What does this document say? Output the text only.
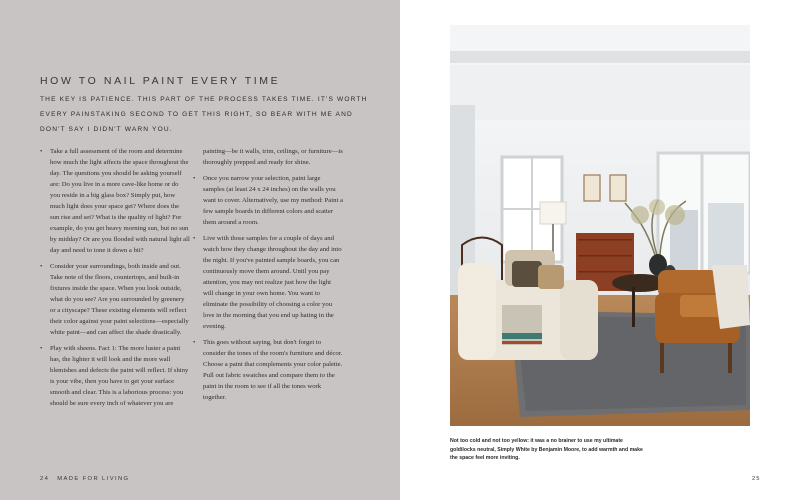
HOW TO NAIL PAINT EVERY TIME
THE KEY IS PATIENCE. THIS PART OF THE PROCESS TAKES TIME. IT'S WORTH EVERY PAINSTAKING SECOND TO GET THIS RIGHT, SO BEAR WITH ME AND DON'T SAY I DIDN'T WARN YOU.
• Take a full assessment of the room and determine how much the light affects the space throughout the day. The questions you should be asking yourself are: Do you live in a more cave-like home or do you reside in a big glass box? Simply put, how much light does your space get? Where does the sun rise and set? What is the quality of light? For example, do you get heavy morning sun, but no sun by midday? Or are you flooded with natural light all day and need to tone it down a bit?
• Consider your surroundings, both inside and out. Take note of the floors, countertops, and built-in fixtures inside the space. When you look outside, what do you see? Are you surrounded by greenery or a cityscape? These existing elements will reflect their color against your paint selections—especially white paint—and can affect the shade drastically.
• Play with sheens. Fact 1: The more luster a paint has, the lighter it will look and the more wall blemishes and defects the paint will reflect. If shiny is your vibe, then you have to get your surface smooth and clear. This is a laborious process: you should be sure every inch of whatever you are

painting—be it walls, trim, ceilings, or furniture—is thoroughly prepped and ready for shine.

• Once you narrow your selection, paint large samples (at least 24 x 24 inches) on the walls you want to cover. Alternatively, use my method: Paint a few sample boards in different colors and scatter them around a room.
• Live with those samples for a couple of days and watch how they change throughout the day and into the night. If you've painted sample boards, you can continuously move them around. Until you pay attention, you may not realize just how the light will change in your own home. You want to eliminate the possibility of choosing a color you love in the morning that you end up hating in the evening.
• This goes without saying, but don't forget to consider the tones of the room's furniture and décor. Choose a paint that complements your color palette. Pull out fabric swatches and compare them to the paint in the room to see if all the tones work together.
24 MADE FOR LIVING
Not too cold and not too yellow: it was a no brainer to use my ultimate goldilocks neutral, Simply White by Benjamin Moore, to add warmth and make the space feel more inviting.
25
